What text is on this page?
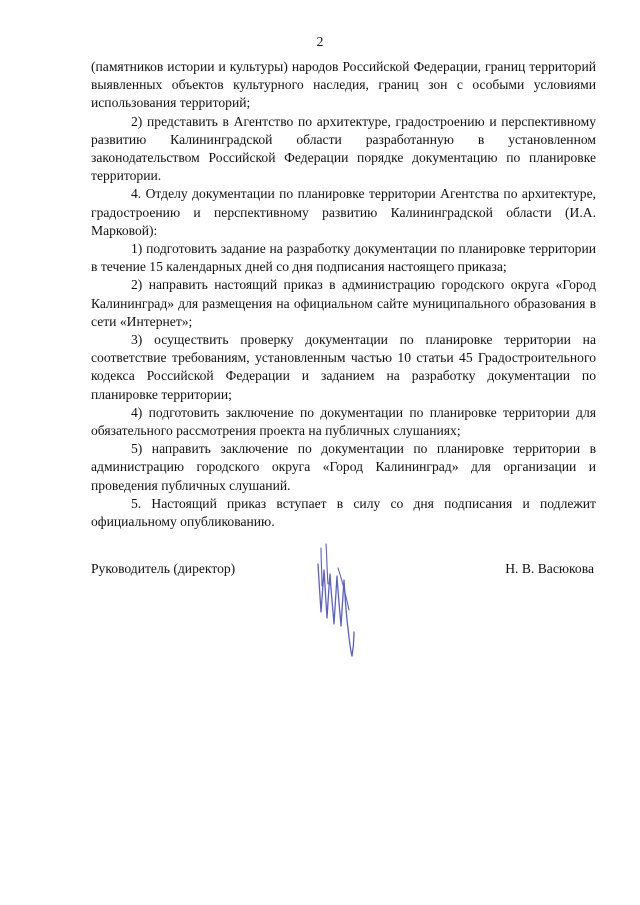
2

(памятников истории и культуры) народов Российской Федерации, границ территорий выявленных объектов культурного наследия, границ зон с особыми условиями использования территорий;

2) представить в Агентство по архитектуре, градостроению и перспективному развитию Калининградской области разработанную в установленном законодательством Российской Федерации порядке документацию по планировке территории.

4. Отделу документации по планировке территории Агентства по архитектуре, градостроению и перспективному развитию Калининградской области (И.А. Марковой):

1) подготовить задание на разработку документации по планировке территории в течение 15 календарных дней со дня подписания настоящего приказа;

2) направить настоящий приказ в администрацию городского округа «Город Калининград» для размещения на официальном сайте муниципального образования в сети «Интернет»;

3) осуществить проверку документации по планировке территории на соответствие требованиям, установленным частью 10 статьи 45 Градостроительного кодекса Российской Федерации и заданием на разработку документации по планировке территории;

4) подготовить заключение по документации по планировке территории для обязательного рассмотрения проекта на публичных слушаниях;

5) направить заключение по документации по планировке территории в администрацию городского округа «Город Калининград» для организации и проведения публичных слушаний.

5. Настоящий приказ вступает в силу со дня подписания и подлежит официальному опубликованию.

Руководитель (директор)	Н. В. Васюкова
